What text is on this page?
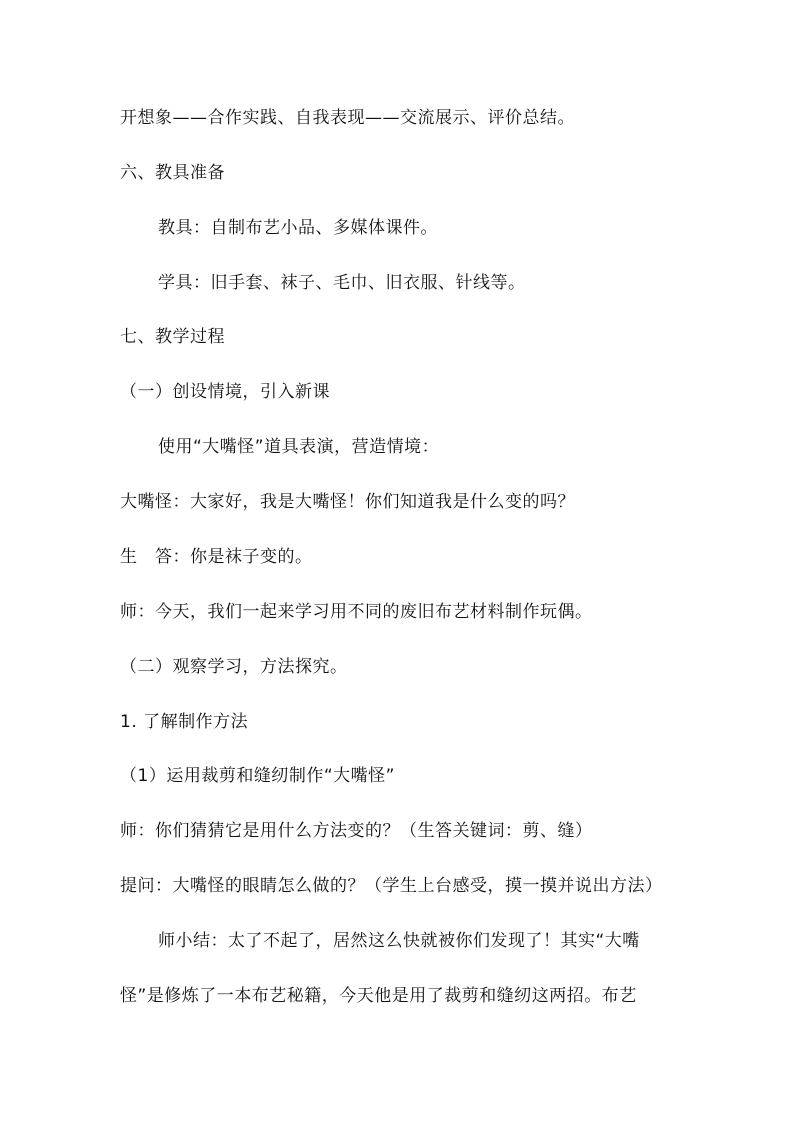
开想象——合作实践、自我表现——交流展示、评价总结。
六、教具准备
教具：自制布艺小品、多媒体课件。
学具：旧手套、袜子、毛巾、旧衣服、针线等。
七、教学过程
（一）创设情境，引入新课
使用“大嘴怪”道具表演，营造情境：
大嘴怪：大家好，我是大嘴怪！你们知道我是什么变的吗？
生　答：你是袜子变的。
师：今天，我们一起来学习用不同的废旧布艺材料制作玩偶。
（二）观察学习，方法探究。
1. 了解制作方法
（1）运用裁剪和缝纫制作“大嘴怪”
师：你们猜猜它是用什么方法变的？（生答关键词：剪、缝）
提问：大嘴怪的眼睛怎么做的？（学生上台感受，摸一摸并说出方法）
师小结：太了不起了，居然这么快就被你们发现了！其实“大嘴
怪”是修炼了一本布艺秘籍，今天他是用了裁剪和缝纫这两招。布艺
